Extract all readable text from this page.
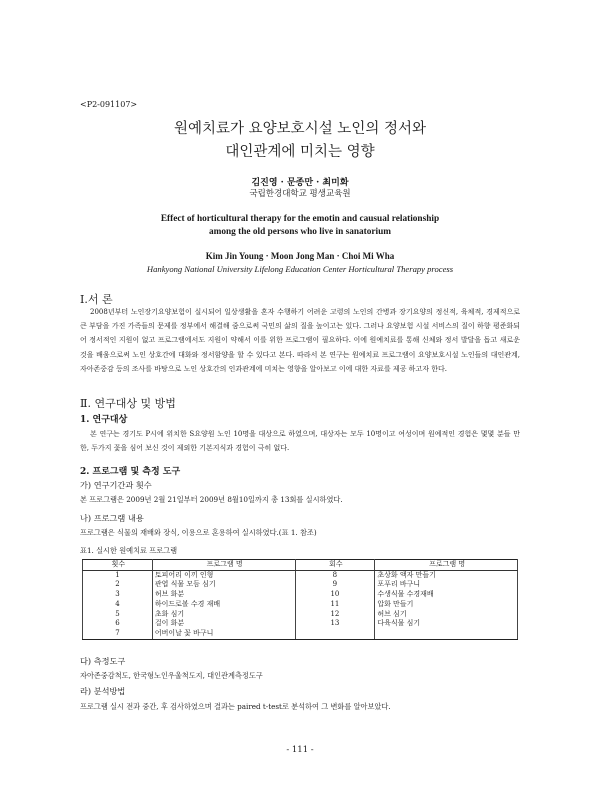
<P2-091107>
원예치료가 요양보호시설 노인의 정서와
대인관계에 미치는 영향
김진영 · 문종만 · 최미화
국립한경대학교 평생교육원
Effect of horticultural therapy for the emotin and causual relationship
among the old persons who live in sanatorium
Kim Jin Young · Moon Jong Man · Choi Mi Wha
Hankyong National University Lifelong Education Center Horticultural Therapy process
Ⅰ.서 론

2008년부터 노인장기요양보험이 실시되어 일상생활을 혼자 수행하기 어려운 고령의 노인의 간병과 장기요양의 정신적, 육체적, 경제적으로 큰 부담을 가진 가족들의 문제를 정부에서 해결해 줌으로써 국민의 삶의 질을 높이고는 있다. 그러나 요양보험 시설 서비스의 질이 하향 평준화되어 정서적인 지원이 없고 프로그램에서도 지원이 약해서 이를 위한 프로그램이 필요하다. 이에 원예치료를 통해 신체와 정서 발달을 돕고 새로운 것을 배움으로써 노인 상호간에 대화와 정서함양을 할 수 있다고 본다. 따라서 본 연구는 원예치료 프로그램이 요양보호시설 노인들의 대인관계, 자아존중감 등의 조사를 바탕으로 노인 상호간의 인과관계에 미치는 영향을 알아보고 이에 대한 자료를 제공 하고자 한다.

Ⅱ. 연구대상 및 방법
1. 연구대상

본 연구는 경기도 P시에 위치한 S요양원 노인 10명을 대상으로 하였으며, 대상자는 모두 10명이고 여성이며 원예적인 경험은 몇몇 분들 만 한, 두가지 꽃을 심어 보신 것이 제외한 기본지식과 경험이 극히 없다.

2. 프로그램 및 측정 도구
가) 연구기간과 횟수
본 프로그램은 2009년 2월 21일부터 2009년 8월10일까지 총 13회를 실시하였다.
나) 프로그램 내용
프로그램은 식물의 재배와 장식, 이용으로 혼용하여 실시하였다.(표 1. 참조)
표1. 실시한 원예치료 프로그램
횟수	프로그램 명	회수	프로그램 명
1	토피어리 이끼 인형	8	초상화 액자 만들기
2	관엽 식물 모듬 심기	9	포푸리 바구니
3	허브 화분	10	수생식물 수경재배
4	하이드로볼 수경 재배	11	압화 만들기
5	초화 심기	12	허브 심기
6	걸이 화분	13	다육식물 심기
7	어버이날 꽃 바구니		
다) 측정도구
자아존중감척도, 한국형노인우울척도지, 대인관계측정도구
라) 분석방법
프로그램 실시 전과 중간, 후 검사하였으며 결과는 paired t-test로 분석하여 그 변화를 알아보았다.
- 111 -
